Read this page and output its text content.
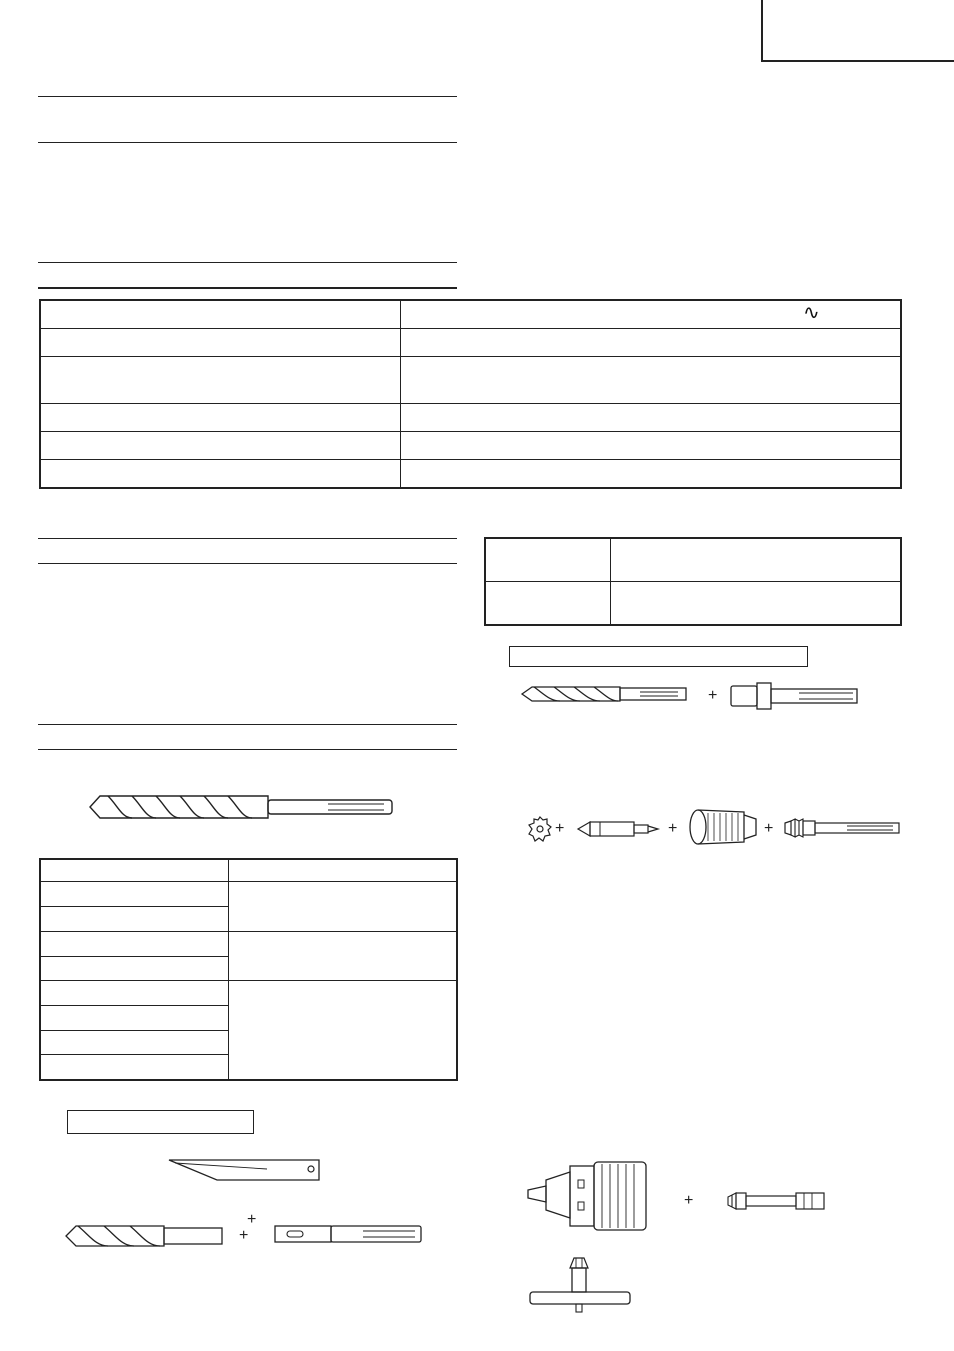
∿
+
+	+	+
+
+
+
